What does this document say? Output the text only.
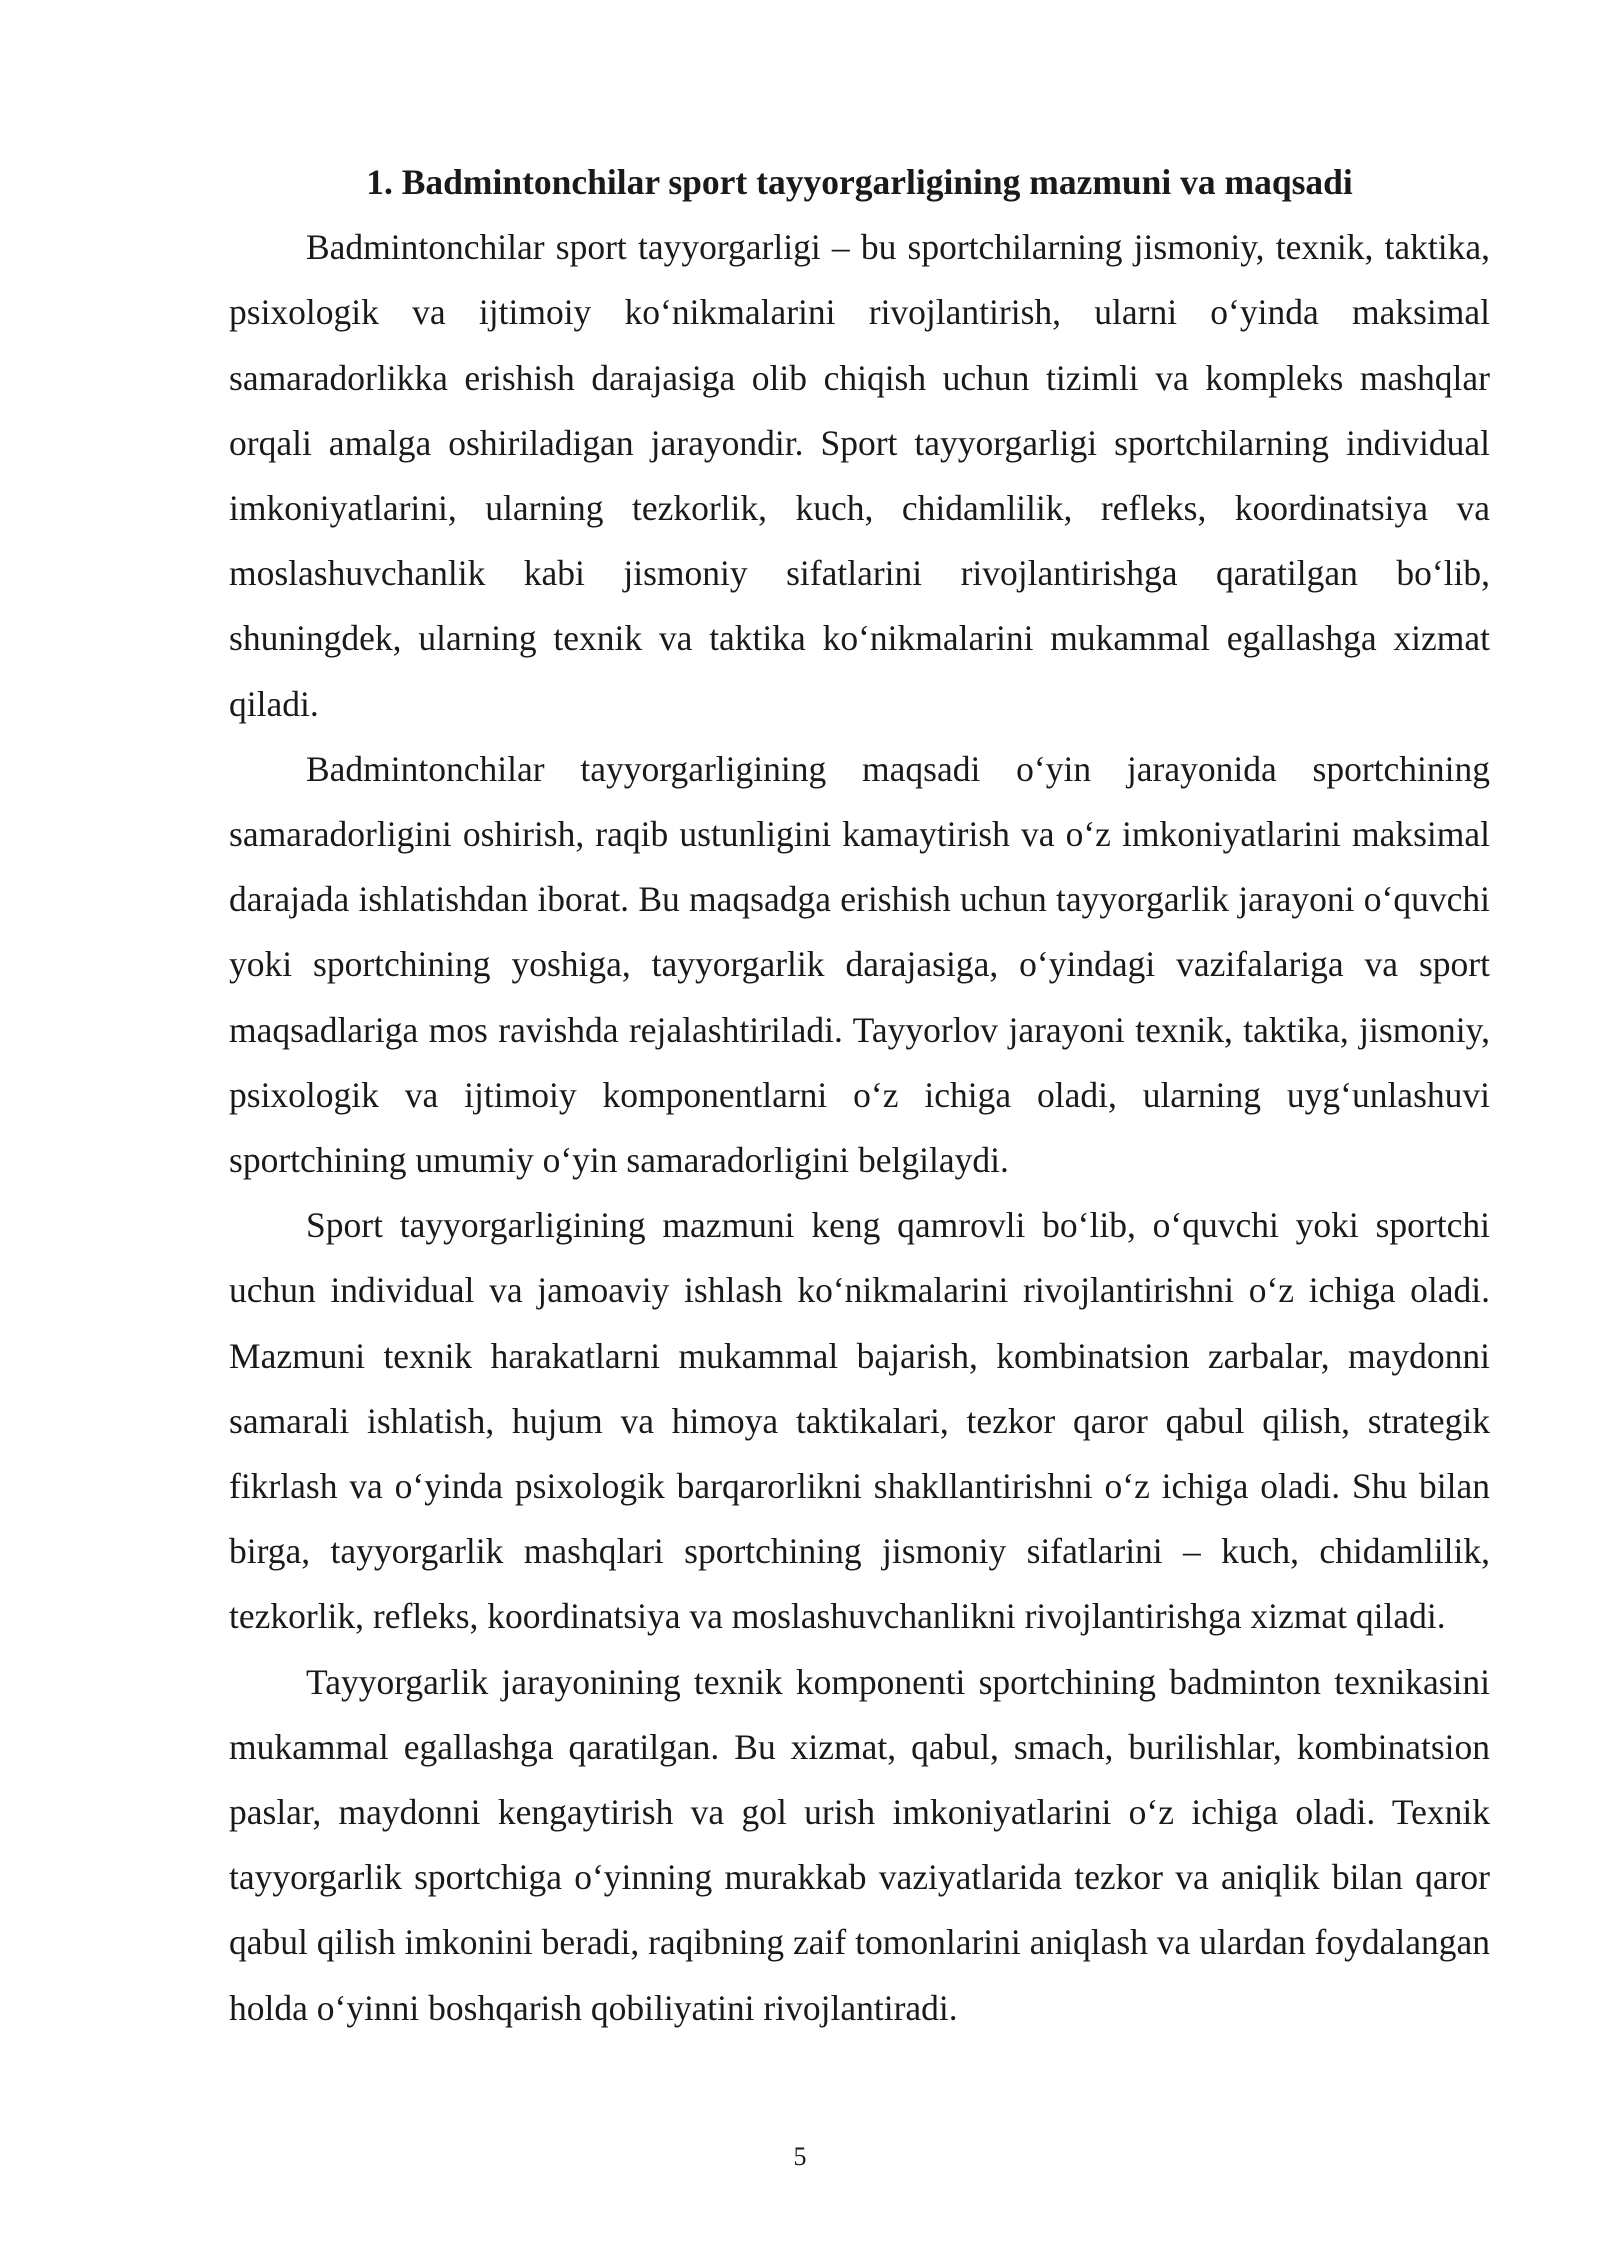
1. Badmintonchilar sport tayyorgarligining mazmuni va maqsadi

Badmintonchilar sport tayyorgarligi – bu sportchilarning jismoniy, texnik, taktika, psixologik va ijtimoiy ko‘nikmalarini rivojlantirish, ularni o‘yinda maksimal samaradorlikka erishish darajasiga olib chiqish uchun tizimli va kompleks mashqlar orqali amalga oshiriladigan jarayondir. Sport tayyorgarligi sportchilarning individual imkoniyatlarini, ularning tezkorlik, kuch, chidamlilik, refleks, koordinatsiya va moslashuvchanlik kabi jismoniy sifatlarini rivojlantirishga qaratilgan bo‘lib, shuningdek, ularning texnik va taktika ko‘nikmalarini mukammal egallashga xizmat qiladi.

Badmintonchilar tayyorgarligining maqsadi o‘yin jarayonida sportchining samaradorligini oshirish, raqib ustunligini kamaytirish va o‘z imkoniyatlarini maksimal darajada ishlatishdan iborat. Bu maqsadga erishish uchun tayyorgarlik jarayoni o‘quvchi yoki sportchining yoshiga, tayyorgarlik darajasiga, o‘yindagi vazifalariga va sport maqsadlariga mos ravishda rejalashtiriladi. Tayyorlov jarayoni texnik, taktika, jismoniy, psixologik va ijtimoiy komponentlarni o‘z ichiga oladi, ularning uyg‘unlashuvi sportchining umumiy o‘yin samaradorligini belgilaydi.

Sport tayyorgarligining mazmuni keng qamrovli bo‘lib, o‘quvchi yoki sportchi uchun individual va jamoaviy ishlash ko‘nikmalarini rivojlantirishni o‘z ichiga oladi. Mazmuni texnik harakatlarni mukammal bajarish, kombinatsion zarbalar, maydonni samarali ishlatish, hujum va himoya taktikalari, tezkor qaror qabul qilish, strategik fikrlash va o‘yinda psixologik barqarorlikni shakllantirishni o‘z ichiga oladi. Shu bilan birga, tayyorgarlik mashqlari sportchining jismoniy sifatlarini – kuch, chidamlilik, tezkorlik, refleks, koordinatsiya va moslashuvchanlikni rivojlantirishga xizmat qiladi.

Tayyorgarlik jarayonining texnik komponenti sportchining badminton texnikasini mukammal egallashga qaratilgan. Bu xizmat, qabul, smach, burilishlar, kombinatsion paslar, maydonni kengaytirish va gol urish imkoniyatlarini o‘z ichiga oladi. Texnik tayyorgarlik sportchiga o‘yinning murakkab vaziyatlarida tezkor va aniqlik bilan qaror qabul qilish imkonini beradi, raqibning zaif tomonlarini aniqlash va ulardan foydalangan holda o‘yinni boshqarish qobiliyatini rivojlantiradi.

5
